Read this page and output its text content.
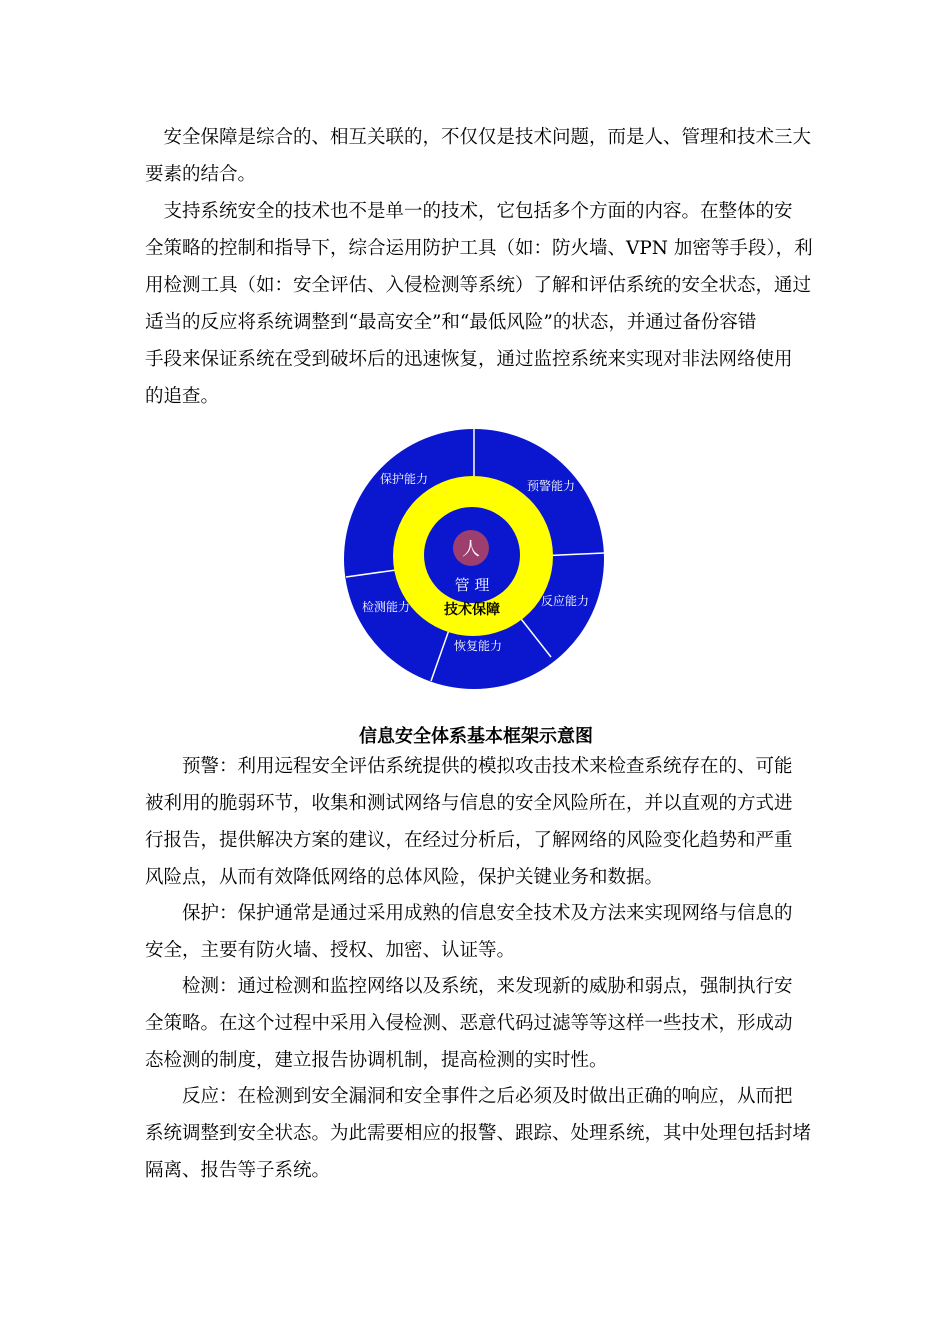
　安全保障是综合的、相互关联的，不仅仅是技术问题，而是人、管理和技术三大
要素的结合。

　支持系统安全的技术也不是单一的技术，它包括多个方面的内容。在整体的安
全策略的控制和指导下，综合运用防护工具（如：防火墙、VPN 加密等手段），利
用检测工具（如：安全评估、入侵检测等系统）了解和评估系统的安全状态，通过
适当的反应将系统调整到“最高安全”和“最低风险”的状态，并通过备份容错
手段来保证系统在受到破坏后的迅速恢复，通过监控系统来实现对非法网络使用
的追查。

人
管 理
技术保障
保护能力	预警能力
反应能力
恢复能力
检测能力

信息安全体系基本框架示意图

　　预警：利用远程安全评估系统提供的模拟攻击技术来检查系统存在的、可能
被利用的脆弱环节，收集和测试网络与信息的安全风险所在，并以直观的方式进
行报告，提供解决方案的建议，在经过分析后，了解网络的风险变化趋势和严重
风险点，从而有效降低网络的总体风险，保护关键业务和数据。

　　保护：保护通常是通过采用成熟的信息安全技术及方法来实现网络与信息的
安全，主要有防火墙、授权、加密、认证等。

　　检测：通过检测和监控网络以及系统，来发现新的威胁和弱点，强制执行安
全策略。在这个过程中采用入侵检测、恶意代码过滤等等这样一些技术，形成动
态检测的制度，建立报告协调机制，提高检测的实时性。

　　反应：在检测到安全漏洞和安全事件之后必须及时做出正确的响应，从而把
系统调整到安全状态。为此需要相应的报警、跟踪、处理系统，其中处理包括封堵
隔离、报告等子系统。
